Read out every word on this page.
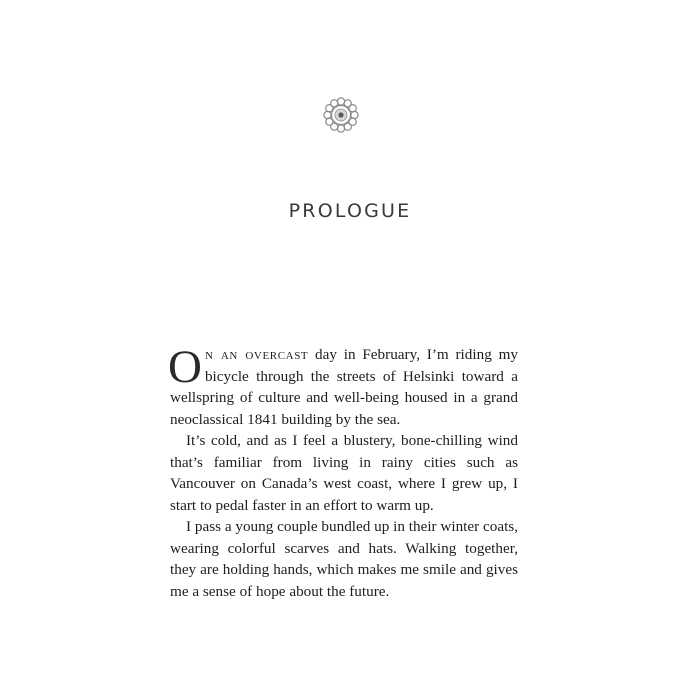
PROLOGUE

On an overcast day in February, I’m riding my bicycle through the streets of Helsinki toward a wellspring of culture and well-being housed in a grand neoclassical 1841 building by the sea.

It’s cold, and as I feel a blustery, bone-chilling wind that’s familiar from living in rainy cities such as Vancouver on Canada’s west coast, where I grew up, I start to pedal faster in an effort to warm up.

I pass a young couple bundled up in their winter coats, wearing colorful scarves and hats. Walking together, they are holding hands, which makes me smile and gives me a sense of hope about the future.
